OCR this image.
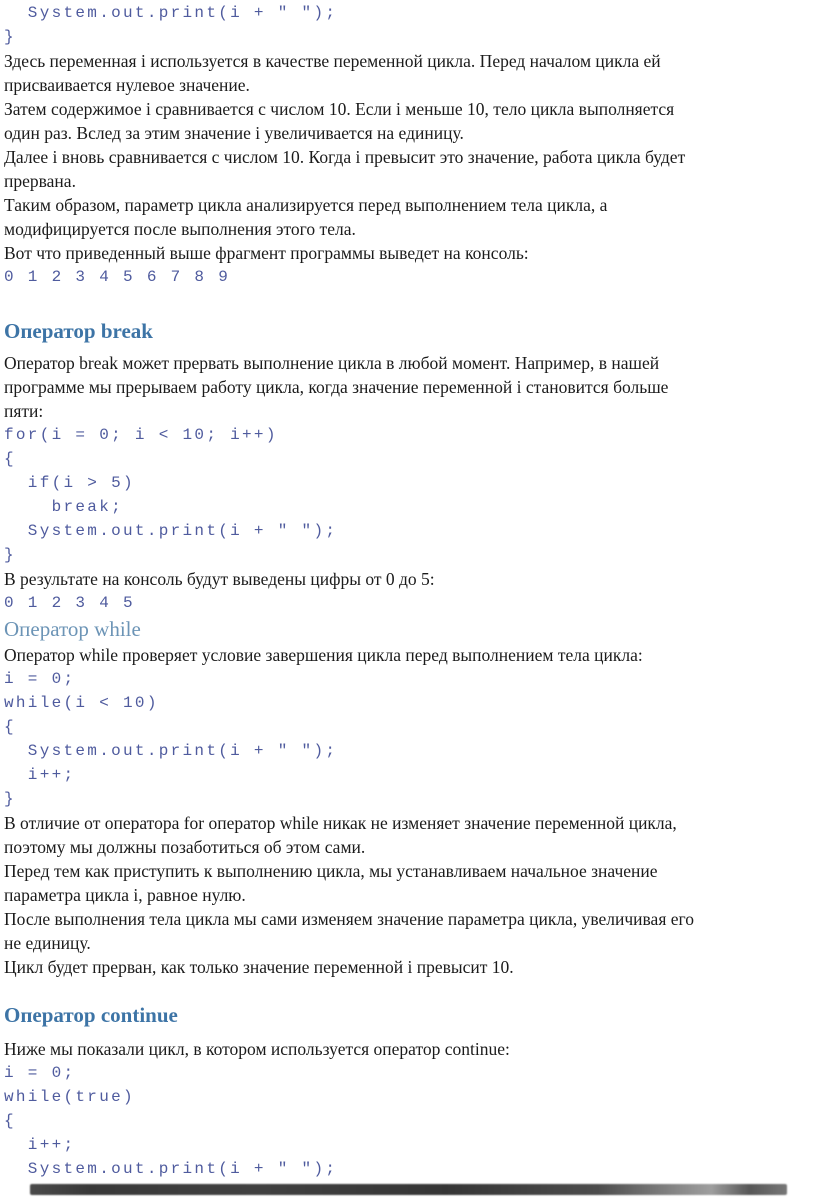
System.out.print(i + " ");
}
Здесь переменная i используется в качестве переменной цикла. Перед началом цикла ей
присваивается нулевое значение.
Затем содержимое i сравнивается с числом 10. Если i меньше 10, тело цикла выполняется
один раз. Вслед за этим значение i увеличивается на единицу.
Далее i вновь сравнивается с числом 10. Когда i превысит это значение, работа цикла будет
прервана.
Таким образом, параметр цикла анализируется перед выполнением тела цикла, а
модифицируется после выполнения этого тела.
Вот что приведенный выше фрагмент программы выведет на консоль:
0 1 2 3 4 5 6 7 8 9
Оператор break
Оператор break может прервать выполнение цикла в любой момент. Например, в нашей
программе мы прерываем работу цикла, когда значение переменной i становится больше
пяти:
for(i = 0; i < 10; i++)
{
if(i > 5)
break;
System.out.print(i + " ");
}
В результате на консоль будут выведены цифры от 0 до 5:
0 1 2 3 4 5
Оператор while
Оператор while проверяет условие завершения цикла перед выполнением тела цикла:
i = 0;
while(i < 10)
{
System.out.print(i + " ");
i++;
}
В отличие от оператора for оператор while никак не изменяет значение переменной цикла,
поэтому мы должны позаботиться об этом сами.
Перед тем как приступить к выполнению цикла, мы устанавливаем начальное значение
параметра цикла i, равное нулю.
После выполнения тела цикла мы сами изменяем значение параметра цикла, увеличивая его
не единицу.
Цикл будет прерван, как только значение переменной i превысит 10.
Оператор continue
Ниже мы показали цикл, в котором используется оператор continue:
i = 0;
while(true)
{
i++;
System.out.print(i + " ");
